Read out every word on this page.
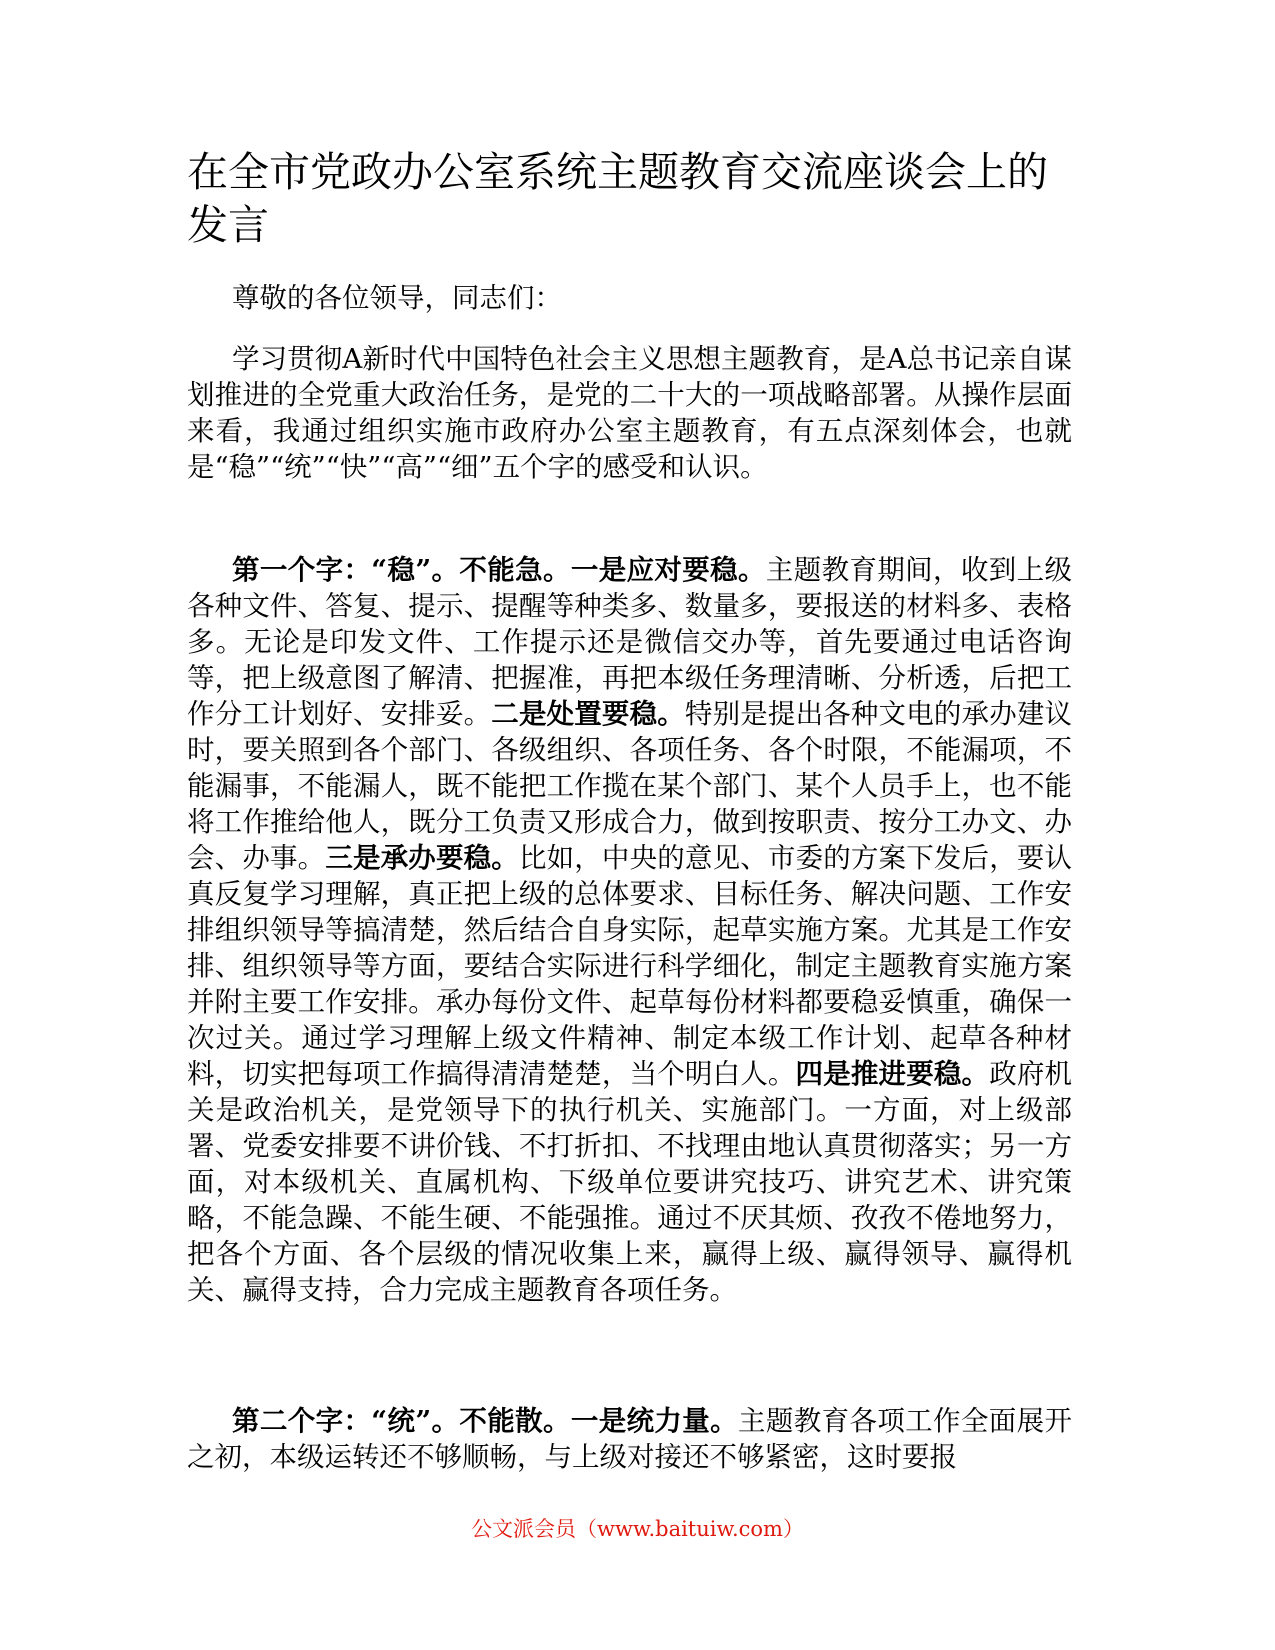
在全市党政办公室系统主题教育交流座谈会上的发言

尊敬的各位领导，同志们：

学习贯彻A新时代中国特色社会主义思想主题教育，是A总书记亲自谋划推进的全党重大政治任务，是党的二十大的一项战略部署。从操作层面来看，我通过组织实施市政府办公室主题教育，有五点深刻体会，也就是“稳”“统”“快”“高”“细”五个字的感受和认识。

第一个字：“稳”。不能急。一是应对要稳。主题教育期间，收到上级各种文件、答复、提示、提醒等种类多、数量多，要报送的材料多、表格多。无论是印发文件、工作提示还是微信交办等，首先要通过电话咨询等，把上级意图了解清、把握准，再把本级任务理清晰、分析透，后把工作分工计划好、安排妥。二是处置要稳。特别是提出各种文电的承办建议时，要关照到各个部门、各级组织、各项任务、各个时限，不能漏项，不能漏事，不能漏人，既不能把工作揽在某个部门、某个人员手上，也不能将工作推给他人，既分工负责又形成合力，做到按职责、按分工办文、办会、办事。三是承办要稳。比如，中央的意见、市委的方案下发后，要认真反复学习理解，真正把上级的总体要求、目标任务、解决问题、工作安排组织领导等搞清楚，然后结合自身实际，起草实施方案。尤其是工作安排、组织领导等方面，要结合实际进行科学细化，制定主题教育实施方案并附主要工作安排。承办每份文件、起草每份材料都要稳妥慎重，确保一次过关。通过学习理解上级文件精神、制定本级工作计划、起草各种材料，切实把每项工作搞得清清楚楚，当个明白人。四是推进要稳。政府机关是政治机关，是党领导下的执行机关、实施部门。一方面，对上级部署、党委安排要不讲价钱、不打折扣、不找理由地认真贯彻落实；另一方面，对本级机关、直属机构、下级单位要讲究技巧、讲究艺术、讲究策略，不能急躁、不能生硬、不能强推。通过不厌其烦、孜孜不倦地努力，把各个方面、各个层级的情况收集上来，赢得上级、赢得领导、赢得机关、赢得支持，合力完成主题教育各项任务。

第二个字：“统”。不能散。一是统力量。主题教育各项工作全面展开之初，本级运转还不够顺畅，与上级对接还不够紧密，这时要报

公文派会员（www.baituiw.com）
